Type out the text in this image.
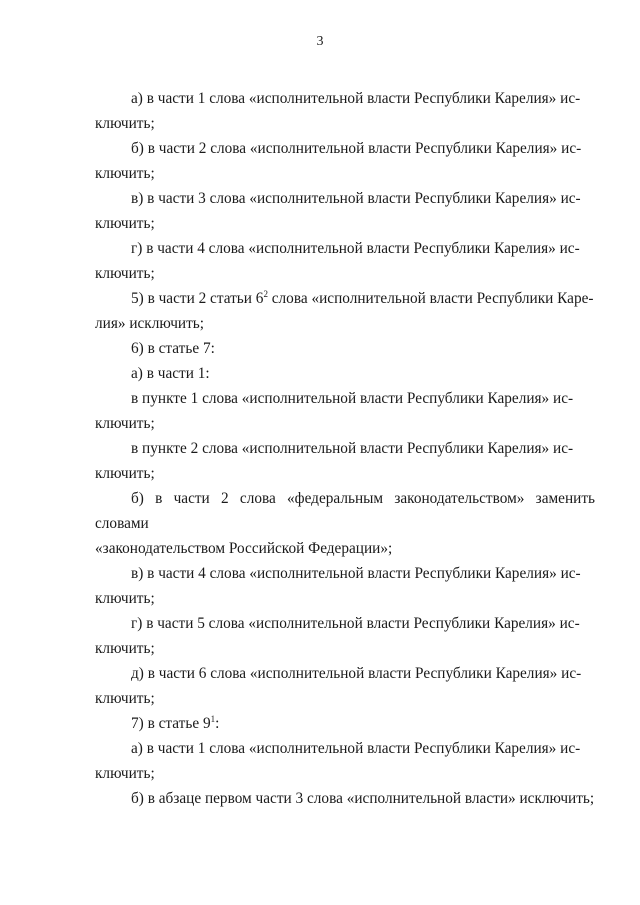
3

а) в части 1 слова «исполнительной власти Республики Карелия» ис-
ключить;

б) в части 2 слова «исполнительной власти Республики Карелия» ис-
ключить;

в) в части 3 слова «исполнительной власти Республики Карелия» ис-
ключить;

г) в части 4 слова «исполнительной власти Республики Карелия» ис-
ключить;

5) в части 2 статьи $6^2$ слова «исполнительной власти Республики Каре-
лия» исключить;

6) в статье 7:

а) в части 1:

в пункте 1 слова «исполнительной власти Республики Карелия» ис-
ключить;

в пункте 2 слова «исполнительной власти Республики Карелия» ис-
ключить;

б) в части 2 слова «федеральным законодательством» заменить словами
«законодательством Российской Федерации»;

в) в части 4 слова «исполнительной власти Республики Карелия» ис-
ключить;

г) в части 5 слова «исполнительной власти Республики Карелия» ис-
ключить;

д) в части 6 слова «исполнительной власти Республики Карелия» ис-
ключить;

7) в статье $9^1$:

а) в части 1 слова «исполнительной власти Республики Карелия» ис-
ключить;

б) в абзаце первом части 3 слова «исполнительной власти» исключить;
